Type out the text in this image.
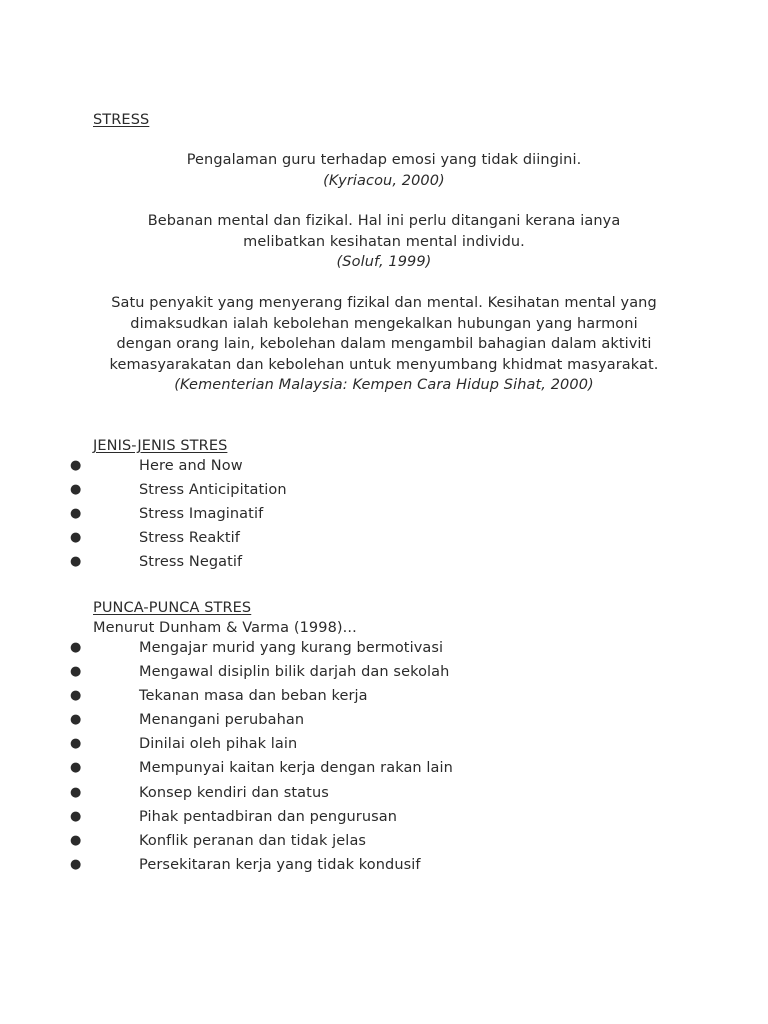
STRESS
Pengalaman guru terhadap emosi yang tidak diingini.
(Kyriacou, 2000)
Bebanan mental dan fizikal. Hal ini perlu ditangani kerana ianya
melibatkan kesihatan mental individu.
(Soluf, 1999)
Satu penyakit yang menyerang fizikal dan mental. Kesihatan mental yang
dimaksudkan ialah kebolehan mengekalkan hubungan yang harmoni
dengan orang lain, kebolehan dalam mengambil bahagian dalam aktiviti
kemasyarakatan dan kebolehan untuk menyumbang khidmat masyarakat.
(Kementerian Malaysia: Kempen Cara Hidup Sihat, 2000)
JENIS-JENIS STRES
●	Here and Now
●	Stress Anticipitation
●	Stress Imaginatif
●	Stress Reaktif
●	Stress Negatif
PUNCA-PUNCA STRES
Menurut Dunham & Varma (1998)...
●	Mengajar murid yang kurang bermotivasi
●	Mengawal disiplin bilik darjah dan sekolah
●	Tekanan masa dan beban kerja
●	Menangani perubahan
●	Dinilai oleh pihak lain
●	Mempunyai kaitan kerja dengan rakan lain
●	Konsep kendiri dan status
●	Pihak pentadbiran dan pengurusan
●	Konflik peranan dan tidak jelas
●	Persekitaran kerja yang tidak kondusif
